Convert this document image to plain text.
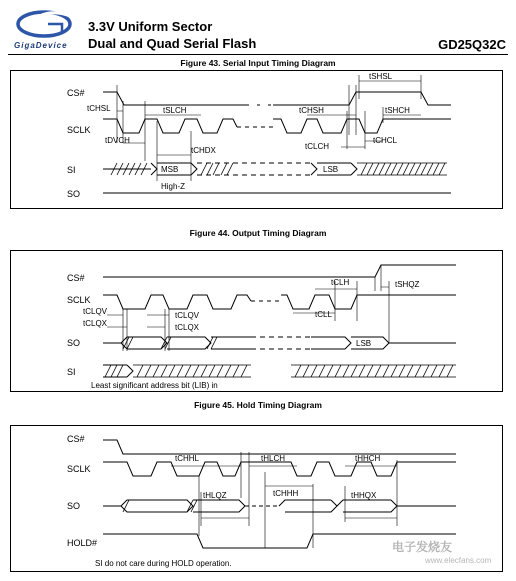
GigaDevice
3.3V Uniform Sector
Dual and Quad Serial Flash	GD25Q32C
Figure 43. Serial Input Timing Diagram
CS#
SCLK
SI
SO
MSB	LSB
High-Z
tSHSL
tCHSL	tSLCH	tCHSH	tSHCH
tDVCH
tCHDX	tCLCH
tCHCL
Figure 44. Output Timing Diagram
CS#
SCLK
SO
SI
LSB
Least significant address bit (LIB) in
tCLH	tSHQZ
tCLQV	tCLQV
tCLQX	tCLQX
tCLL
Figure 45. Hold Timing Diagram
CS#
SCLK
SO
HOLD#
tCHHL	tHLCH	tHHCH
tCHHH
tHLQZ	tHHQX
SI do not care during HOLD operation.
电子发烧友
www.elecfans.com
